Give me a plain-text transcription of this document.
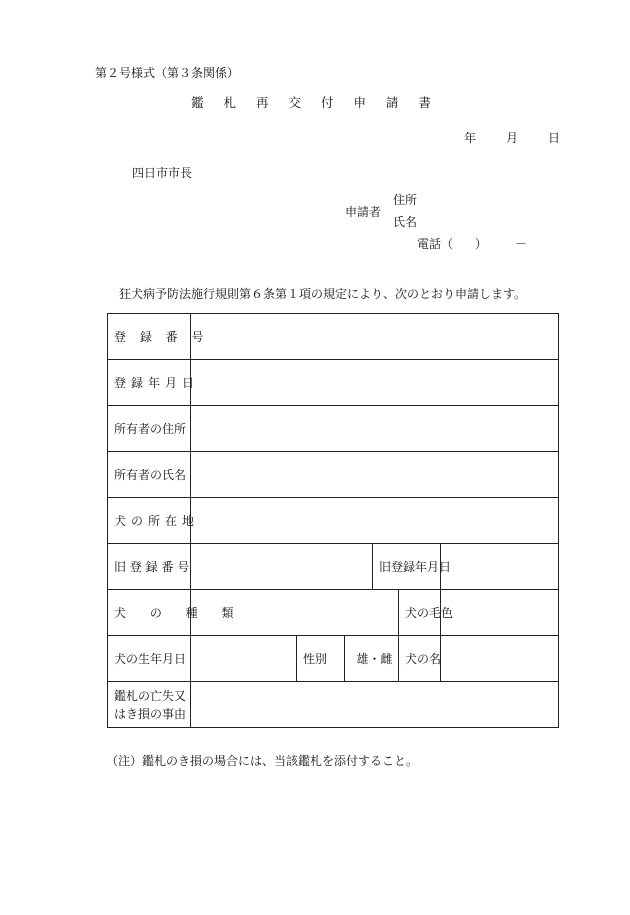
第２号様式（第３条関係）
鑑 札 再 交 付 申 請 書
年	月	日
四日市市長
申請者
住所
氏名
電話（ ） －
狂犬病予防法施行規則第６条第１項の規定により、次のとおり申請します。
登 録 番 号						
登録年月日						
所有者の住所						
所有者の氏名						
犬の所在地						
旧 登 録 番 号				旧登録年月日		
犬 の 種 類					犬の毛色	
犬の生年月日		性別	雄・雌		犬の名	
鑑札の亡失又
はき損の事由						
（注）鑑札のき損の場合には、当該鑑札を添付すること。
